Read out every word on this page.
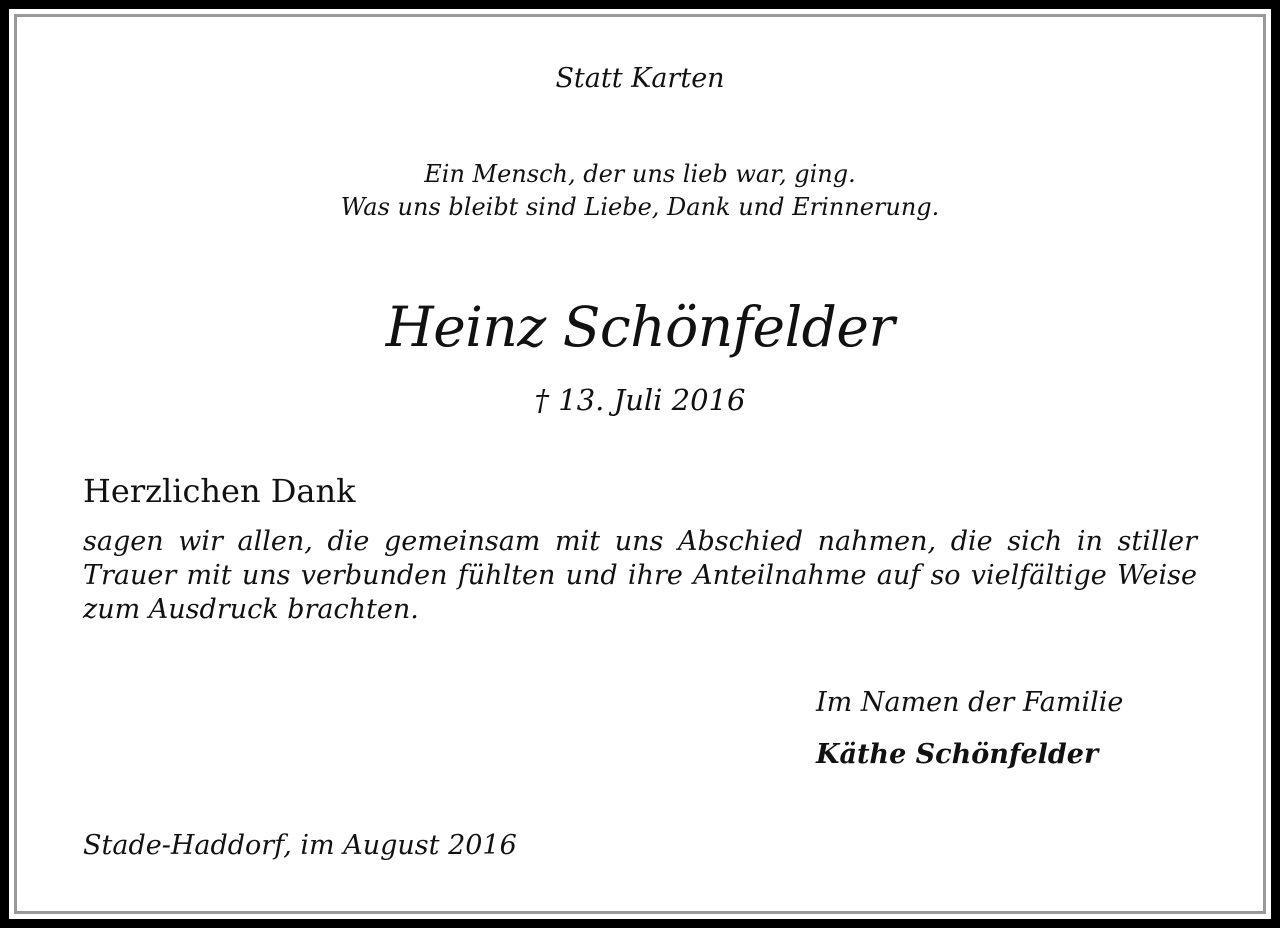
Statt Karten

Ein Mensch, der uns lieb war, ging.

Was uns bleibt sind Liebe, Dank und Erinnerung.

Heinz Schönfelder

† 13. Juli 2016

Herzlichen Dank

sagen wir allen, die gemeinsam mit uns Abschied nahmen, die sich in stiller Trauer mit uns verbunden fühlten und ihre Anteilnahme auf so vielfältige Weise zum Ausdruck brachten.

Im Namen der Familie

Käthe Schönfelder

Stade-Haddorf, im August 2016
